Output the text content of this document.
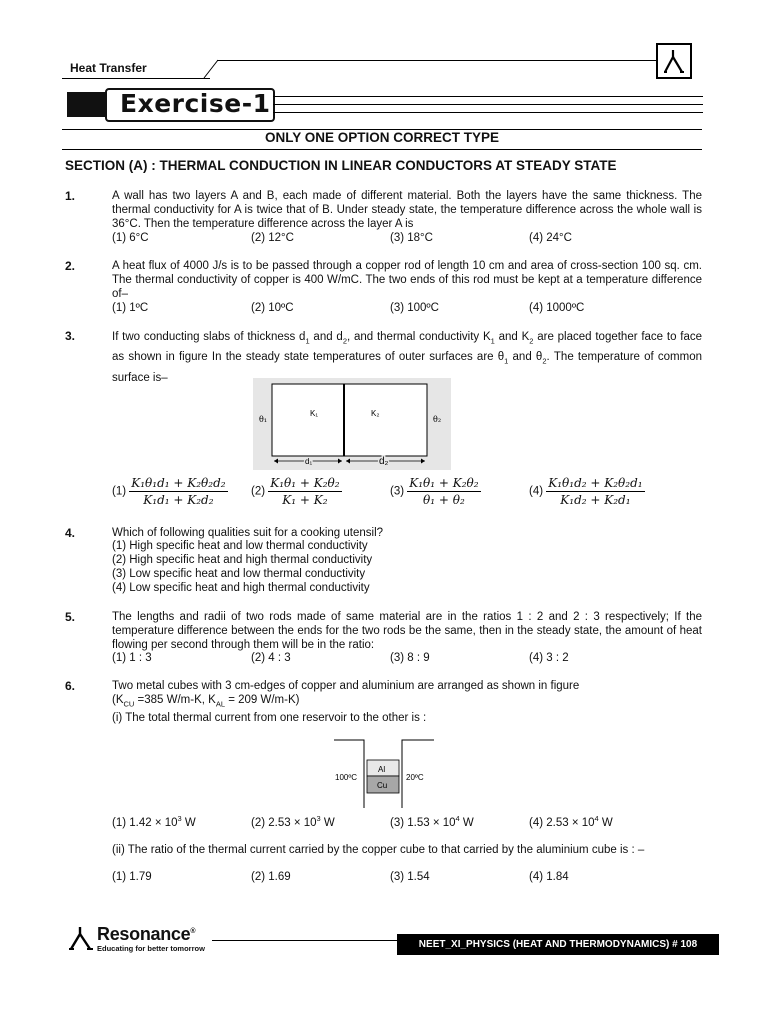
Heat Transfer
Exercise-1
ONLY ONE OPTION CORRECT TYPE
SECTION (A) : THERMAL CONDUCTION IN LINEAR CONDUCTORS AT STEADY STATE
1.	A wall has two layers A and B, each made of different material. Both the layers have the same thickness. The thermal conductivity for A is twice that of B. Under steady state, the temperature difference across the whole wall is 36°C. Then the temperature difference across the layer A is
(1) 6°C	(2) 12°C	(3) 18°C	(4) 24°C
2.	A heat flux of 4000 J/s is to be passed through a copper rod of length 10 cm and area of cross-section 100 sq. cm. The thermal conductivity of copper is 400 W/mC. The two ends of this rod must be kept at a temperature difference of–
(1) 1ºC	(2) 10ºC	(3) 100ºC	(4) 1000ºC
3.	If two conducting slabs of thickness $d_1$ and $d_2$, and thermal conductivity $K_1$ and $K_2$ are placed together face to face as shown in figure In the steady state temperatures of outer surfaces are $\theta_1$ and $\theta_2$. The temperature of common surface is–
θ₁
K₁	K₂
θ₂
d₁	d₂
$(1) \frac{\text{K₁θ₁d₁ + K₂θ₂d₂}}{\text{K₁d₁ + K₂d₂}} (2) \frac{\text{K₁θ₁ + K₂θ₂}}{\text{K₁ + K₂}}$	$(3) \frac{\text{K₁θ₁ + K₂θ₂}}{\text{θ₁ + θ₂}}$	$(4) \frac{\text{K₁θ₁d₂ + K₂θ₂d₁}}{\text{K₁d₂ + K₂d₁}}$
4.	Which of following qualities suit for a cooking utensil?
(1) High specific heat and low thermal conductivity
(2) High specific heat and high thermal conductivity
(3) Low specific heat and low thermal conductivity
(4) Low specific heat and high thermal conductivity
5.	The lengths and radii of two rods made of same material are in the ratios 1 : 2 and 2 : 3 respectively; If the temperature difference between the ends for the two rods be the same, then in the steady state, the amount of heat flowing per second through them will be in the ratio:
(1) 1 : 3	(2) 4 : 3	(3) 8 : 9	(4) 3 : 2
6.	Two metal cubes with 3 cm-edges of copper and aluminium are arranged as shown in figure
($K_{CU} =385$ W/m-K, $K_{AL} = 209$ W/m-K)
(i) The total thermal current from one reservoir to the other is :
Al
Cu
100ºC	20ºC
(1) $1.42 \times 10^3$ W	(2) $2.53 \times 10^3$ W	(3) $1.53 \times 10^4$ W	(4) $2.53 \times 10^4$ W
(ii) The ratio of the thermal current carried by the copper cube to that carried by the aluminium cube is : –
(1) 1.79	(2) 1.69	(3) 1.54	(4) 1.84
Resonance®
Educating for better tomorrow	NEET_XI_PHYSICS (HEAT AND THERMODYNAMICS) # 108
